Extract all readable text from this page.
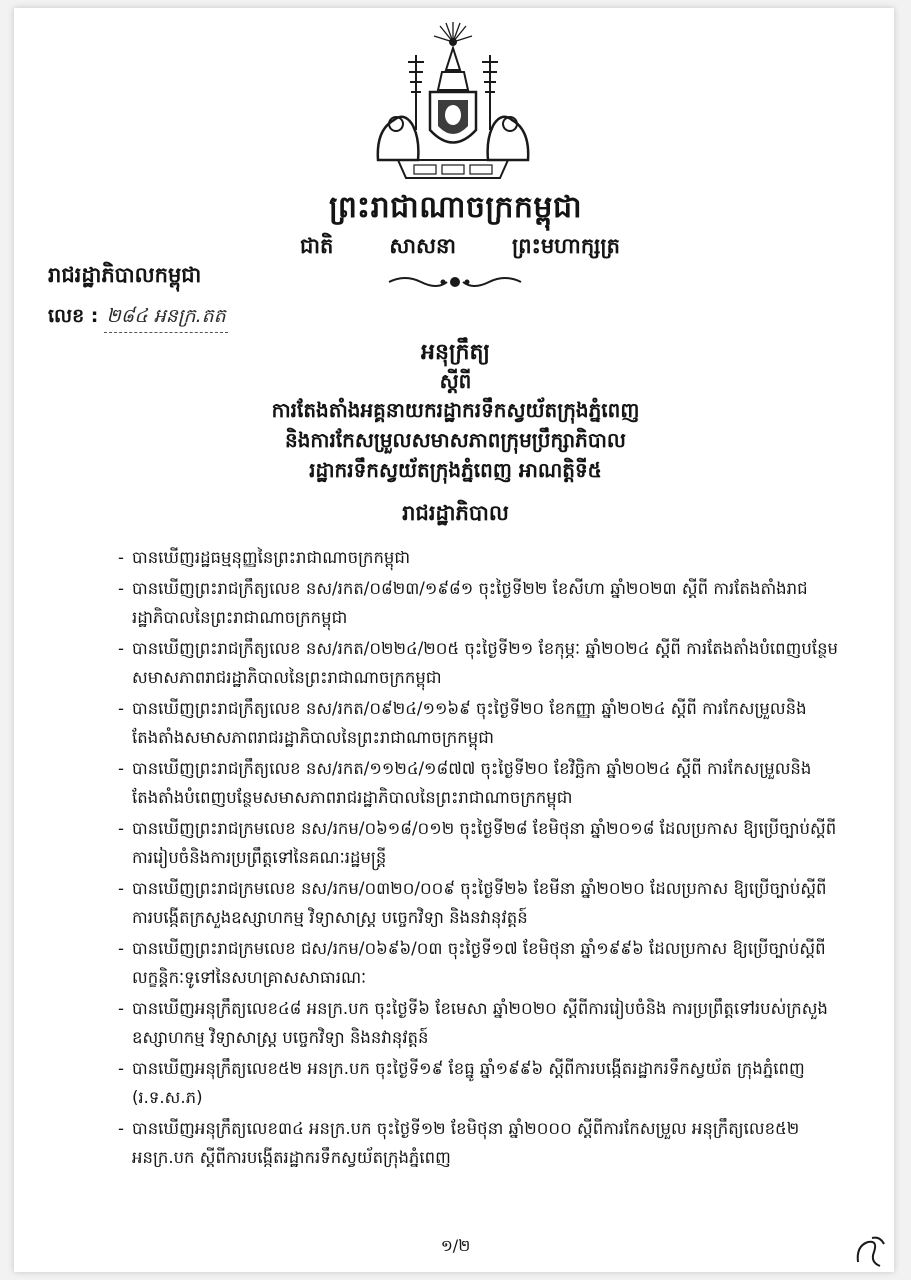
ព្រះរាជាណាចក្រកម្ពុជា
ជាតិ	សាសនា	ព្រះមហាក្សត្រ
រាជរដ្ឋាភិបាលកម្ពុជា
លេខ : ២៨៤ អនក្រ.តត
អនុក្រឹត្យ
ស្តីពី
ការតែងតាំងអគ្គនាយករដ្ឋាករទឹកស្វយ័តក្រុងភ្នំពេញ
និងការកែសម្រួលសមាសភាពក្រុមប្រឹក្សាភិបាល
រដ្ឋាករទឹកស្វយ័តក្រុងភ្នំពេញ អាណត្តិទី៥
រាជរដ្ឋាភិបាល
- បានឃើញរដ្ឋធម្មនុញ្ញនៃព្រះរាជាណាចក្រកម្ពុជា
- បានឃើញព្រះរាជក្រឹត្យលេខ នស/រកត/០៨២៣/១៩៨១ ចុះថ្ងៃទី២២ ខែសីហា ឆ្នាំ២០២៣ ស្តីពី ការតែងតាំងរាជរដ្ឋាភិបាលនៃព្រះរាជាណាចក្រកម្ពុជា
- បានឃើញព្រះរាជក្រឹត្យលេខ នស/រកត/០២២៤/២០៥ ចុះថ្ងៃទី២១ ខែកុម្ភៈ ឆ្នាំ២០២៤ ស្តីពី ការតែងតាំងបំពេញបន្ថែមសមាសភាពរាជរដ្ឋាភិបាលនៃព្រះរាជាណាចក្រកម្ពុជា
- បានឃើញព្រះរាជក្រឹត្យលេខ នស/រកត/០៩២៤/១១៦៩ ចុះថ្ងៃទី២០ ខែកញ្ញា ឆ្នាំ២០២៤ ស្តីពី ការកែសម្រួលនិងតែងតាំងសមាសភាពរាជរដ្ឋាភិបាលនៃព្រះរាជាណាចក្រកម្ពុជា
- បានឃើញព្រះរាជក្រឹត្យលេខ នស/រកត/១១២៤/១៨៧៧ ចុះថ្ងៃទី២០ ខែវិច្ឆិកា ឆ្នាំ២០២៤ ស្តីពី ការកែសម្រួលនិងតែងតាំងបំពេញបន្ថែមសមាសភាពរាជរដ្ឋាភិបាលនៃព្រះរាជាណាចក្រកម្ពុជា
- បានឃើញព្រះរាជក្រមលេខ នស/រកម/០៦១៨/០១២ ចុះថ្ងៃទី២៨ ខែមិថុនា ឆ្នាំ២០១៨ ដែលប្រកាស ឱ្យប្រើច្បាប់ស្តីពីការរៀបចំនិងការប្រព្រឹត្តទៅនៃគណៈរដ្ឋមន្ត្រី
- បានឃើញព្រះរាជក្រមលេខ នស/រកម/០៣២០/០០៩ ចុះថ្ងៃទី២៦ ខែមីនា ឆ្នាំ២០២០ ដែលប្រកាស ឱ្យប្រើច្បាប់ស្តីពីការបង្កើតក្រសួងឧស្សាហកម្ម វិទ្យាសាស្ត្រ បច្ចេកវិទ្យា និងនវានុវត្តន៍
- បានឃើញព្រះរាជក្រមលេខ ជស/រកម/០៦៩៦/០៣ ចុះថ្ងៃទី១៧ ខែមិថុនា ឆ្នាំ១៩៩៦ ដែលប្រកាស ឱ្យប្រើច្បាប់ស្តីពីលក្ខន្តិកៈទូទៅនៃសហគ្រាសសាធារណៈ
- បានឃើញអនុក្រឹត្យលេខ៤៨ អនក្រ.បក ចុះថ្ងៃទី៦ ខែមេសា ឆ្នាំ២០២០ ស្តីពីការរៀបចំនិង ការប្រព្រឹត្តទៅរបស់ក្រសួងឧស្សាហកម្ម វិទ្យាសាស្ត្រ បច្ចេកវិទ្យា និងនវានុវត្តន៍
- បានឃើញអនុក្រឹត្យលេខ៥២ អនក្រ.បក ចុះថ្ងៃទី១៩ ខែធ្នូ ឆ្នាំ១៩៩៦ ស្តីពីការបង្កើតរដ្ឋាករទឹកស្វយ័ត ក្រុងភ្នំពេញ (រ.ទ.ស.ភ)
- បានឃើញអនុក្រឹត្យលេខ៣៤ អនក្រ.បក ចុះថ្ងៃទី១២ ខែមិថុនា ឆ្នាំ២០០០ ស្តីពីការកែសម្រួល អនុក្រឹត្យលេខ៥២ អនក្រ.បក ស្តីពីការបង្កើតរដ្ឋាករទឹកស្វយ័តក្រុងភ្នំពេញ
១/២
